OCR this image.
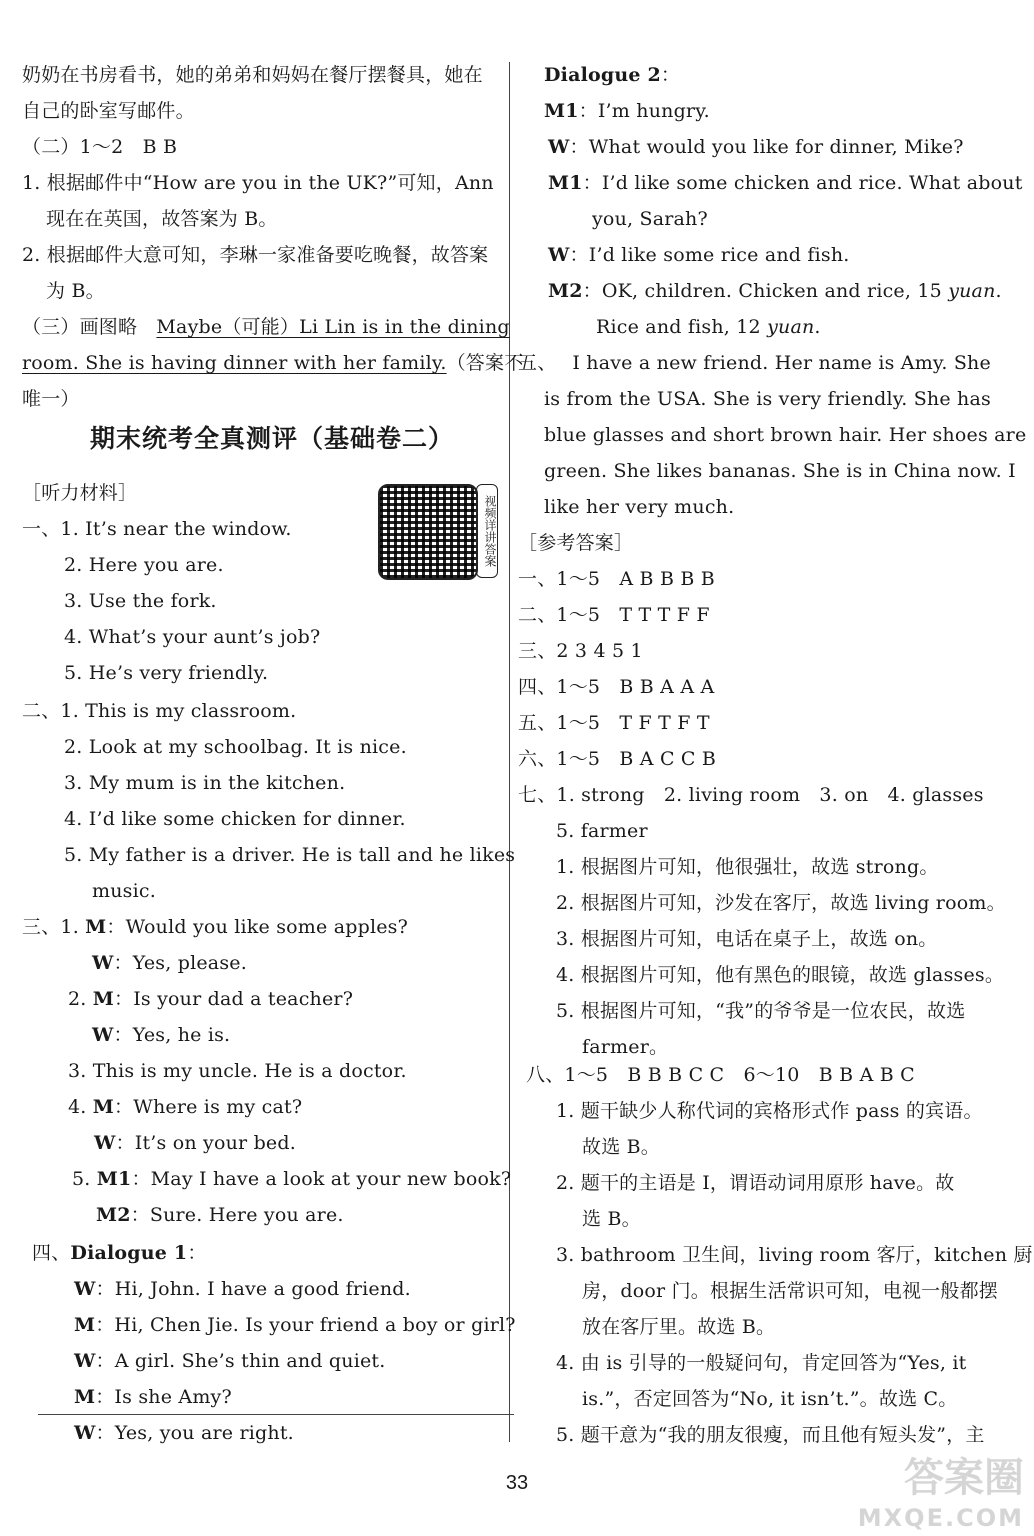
奶奶在书房看书，她的弟弟和妈妈在餐厅摆餐具，她在
自己的卧室写邮件。
（二）1～2　B B
1. 根据邮件中“How are you in the UK?”可知，Ann
现在在英国，故答案为 B。
2. 根据邮件大意可知，李琳一家准备要吃晚餐，故答案
为 B。
（三）画图略　Maybe（可能）Li Lin is in the dining
room. She is having dinner with her family.（答案不
唯一）
期末统考全真测评（基础卷二）
［听力材料］
一、1. It’s near the window.
2. Here you are.
3. Use the fork.
4. What’s your aunt’s job?
5. He’s very friendly.
二、1. This is my classroom.
2. Look at my schoolbag. It is nice.
3. My mum is in the kitchen.
4. I’d like some chicken for dinner.
5. My father is a driver. He is tall and he likes
music.
三、1. M：Would you like some apples?
W：Yes, please.
2. M：Is your dad a teacher?
W：Yes, he is.
3. This is my uncle. He is a doctor.
4. M：Where is my cat?
W：It’s on your bed.
5. M1：May I have a look at your new book?
M2：Sure. Here you are.
四、Dialogue 1：
W：Hi, John. I have a good friend.
M：Hi, Chen Jie. Is your friend a boy or girl?
W：A girl. She’s thin and quiet.
M：Is she Amy?
W：Yes, you are right.
视频详讲答案
Dialogue 2：
M1：I’m hungry.
W：What would you like for dinner, Mike?
M1：I’d like some chicken and rice. What about
you, Sarah?
W：I’d like some rice and fish.
M2：OK, children. Chicken and rice, 15 yuan.
Rice and fish, 12 yuan.
五、　 I have a new friend. Her name is Amy. She
is from the USA. She is very friendly. She has
blue glasses and short brown hair. Her shoes are
green. She likes bananas. She is in China now. I
like her very much.
［参考答案］
一、1～5　A B B B B
二、1～5　T T T F F
三、2 3 4 5 1
四、1～5　B B A A A
五、1～5　T F T F T
六、1～5　B A C C B
七、1. strong　2. living room　3. on　4. glasses
5. farmer
1. 根据图片可知，他很强壮，故选 strong。
2. 根据图片可知，沙发在客厅，故选 living room。
3. 根据图片可知，电话在桌子上，故选 on。
4. 根据图片可知，他有黑色的眼镜，故选 glasses。
5. 根据图片可知，“我”的爷爷是一位农民，故选
farmer。
八、1～5　B B B C C　6～10　B B A B C
1. 题干缺少人称代词的宾格形式作 pass 的宾语。
故选 B。
2. 题干的主语是 I，谓语动词用原形 have。故
选 B。
3. bathroom 卫生间，living room 客厅，kitchen 厨
房，door 门。根据生活常识可知，电视一般都摆
放在客厅里。故选 B。
4. 由 is 引导的一般疑问句，肯定回答为“Yes, it
is.”，否定回答为“No, it isn’t.”。故选 C。
5. 题干意为“我的朋友很瘦，而且他有短头发”，主
33	答案圈
MXQE.COM
